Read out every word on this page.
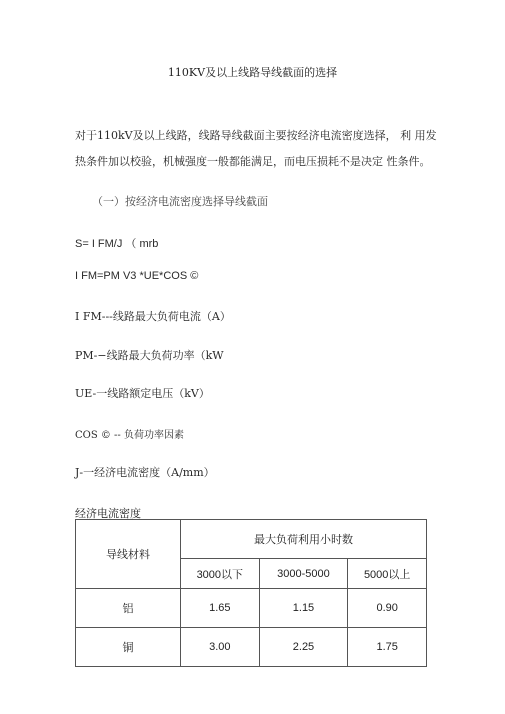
110KV及以上线路导线截面的选择
对于110kV及以上线路，线路导线截面主要按经济电流密度选择， 利 用发
热条件加以校验，机械强度一般都能满足，而电压损耗不是决定 性条件。
（一）按经济电流密度选择导线截面
S= I FM/J （ mrb
I FM=PM V3 *UE*COS ©
I FM---线路最大负荷电流（A）
PM-−线路最大负荷功率（kW
UE-一线路额定电压（kV）
COS © -- 负荷功率因素
J-一经济电流密度（A/mm）
经济电流密度
导线材料	最大负荷利用小时数		
	3000以下	3000-5000	5000以上
铝	1.65	1.15	0.90
铜	3.00	2.25	1.75
